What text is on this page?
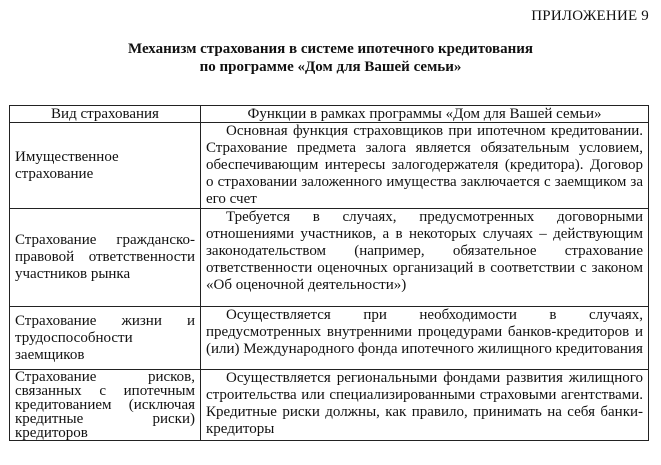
ПРИЛОЖЕНИЕ 9
Механизм страхования в системе ипотечного кредитования
по программе «Дом для Вашей семьи»
Вид страхования	Функции в рамках программы «Дом для Вашей семьи»
Имущественное страхование	Основная функция страховщиков при ипотечном кредитовании. Страхование предмета залога является обязательным условием, обеспечивающим интересы залогодержателя (кредитора). Договор о страховании заложенного имущества заключается с заемщиком за его счет
Страхование гражданско-правовой ответственности участников рынка	Требуется в случаях, предусмотренных договорными отношениями участников, а в некоторых случаях – действующим законодательством (например, обязательное страхование ответственности оценочных организаций в соответствии с законом «Об оценочной деятельности»)
Страхование жизни и трудоспособности заемщиков	Осуществляется при необходимости в случаях, предусмотренных внутренними процедурами банков-кредиторов и (или) Международного фонда ипотечного жилищного кредитования
Страхование рисков, связанных с ипотечным кредитованием (исключая кредитные риски) кредиторов	Осуществляется региональными фондами развития жилищного строительства или специализированными страховыми агентствами. Кредитные риски должны, как правило, принимать на себя банки-кредиторы
